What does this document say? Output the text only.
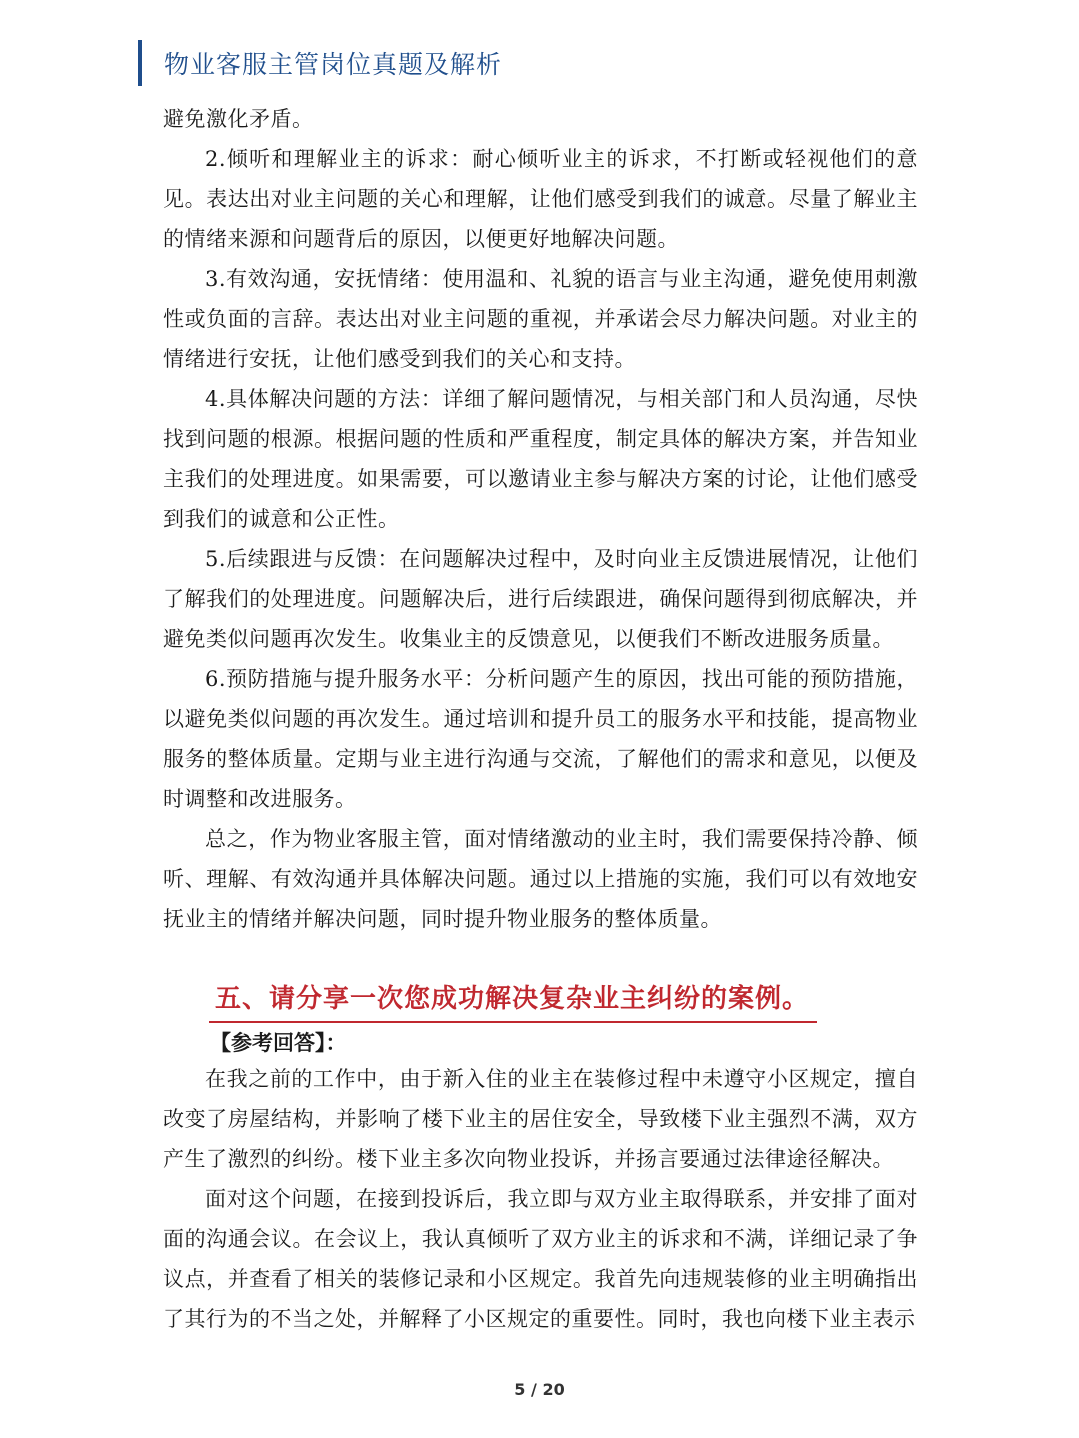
物业客服主管岗位真题及解析

避免激化矛盾。

2.倾听和理解业主的诉求：耐心倾听业主的诉求，不打断或轻视他们的意见。表达出对业主问题的关心和理解，让他们感受到我们的诚意。尽量了解业主的情绪来源和问题背后的原因，以便更好地解决问题。

3.有效沟通，安抚情绪：使用温和、礼貌的语言与业主沟通，避免使用刺激性或负面的言辞。表达出对业主问题的重视，并承诺会尽力解决问题。对业主的情绪进行安抚，让他们感受到我们的关心和支持。

4.具体解决问题的方法：详细了解问题情况，与相关部门和人员沟通，尽快找到问题的根源。根据问题的性质和严重程度，制定具体的解决方案，并告知业主我们的处理进度。如果需要，可以邀请业主参与解决方案的讨论，让他们感受到我们的诚意和公正性。

5.后续跟进与反馈：在问题解决过程中，及时向业主反馈进展情况，让他们了解我们的处理进度。问题解决后，进行后续跟进，确保问题得到彻底解决，并避免类似问题再次发生。收集业主的反馈意见，以便我们不断改进服务质量。

6.预防措施与提升服务水平：分析问题产生的原因，找出可能的预防措施，以避免类似问题的再次发生。通过培训和提升员工的服务水平和技能，提高物业服务的整体质量。定期与业主进行沟通与交流，了解他们的需求和意见，以便及时调整和改进服务。

总之，作为物业客服主管，面对情绪激动的业主时，我们需要保持冷静、倾听、理解、有效沟通并具体解决问题。通过以上措施的实施，我们可以有效地安抚业主的情绪并解决问题，同时提升物业服务的整体质量。

五、请分享一次您成功解决复杂业主纠纷的案例。
【参考回答】：

在我之前的工作中，由于新入住的业主在装修过程中未遵守小区规定，擅自改变了房屋结构，并影响了楼下业主的居住安全，导致楼下业主强烈不满，双方产生了激烈的纠纷。楼下业主多次向物业投诉，并扬言要通过法律途径解决。

面对这个问题，在接到投诉后，我立即与双方业主取得联系，并安排了面对面的沟通会议。在会议上，我认真倾听了双方业主的诉求和不满，详细记录了争议点，并查看了相关的装修记录和小区规定。我首先向违规装修的业主明确指出了其行为的不当之处，并解释了小区规定的重要性。同时，我也向楼下业主表示

5 / 20
